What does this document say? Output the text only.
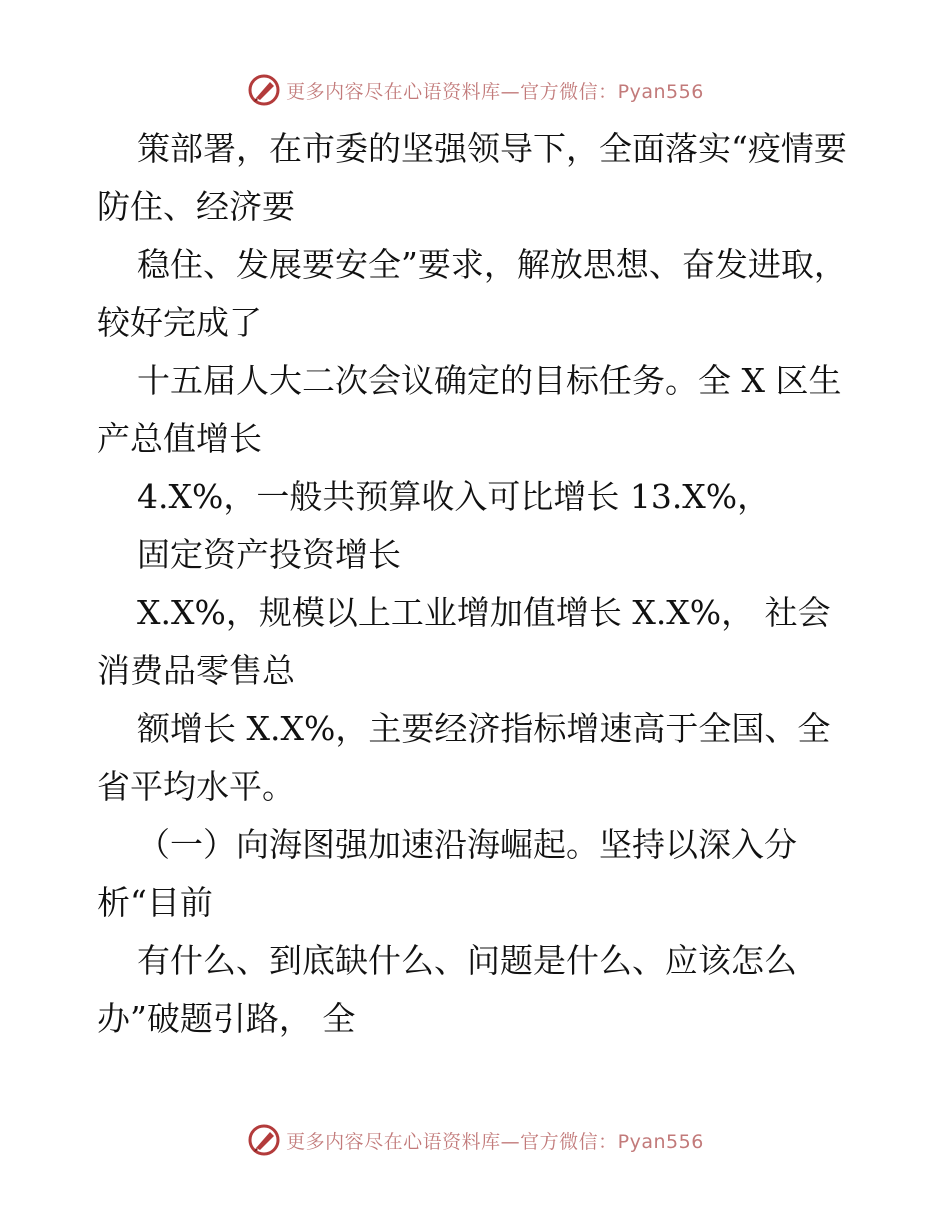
更多内容尽在心语资料库—官方微信：Pyan556

策部署，在市委的坚强领导下，全面落实“疫情要 防住、经济要

稳住、发展要安全”要求，解放思想、奋发进取，较好完成了

十五届人大二次会议确定的目标任务。全 X 区生产总值增长

4.X%，一般共预算收入可比增长 13.X%，

固定资产投资增长

X.X%，规模以上工业增加值增长 X.X%， 社会消费品零售总

额增长 X.X%，主要经济指标增速高于全国、全省平均水平。

（一）向海图强加速沿海崛起。坚持以深入分析“目前

有什么、到底缺什么、问题是什么、应该怎么办”破题引路， 全

更多内容尽在心语资料库—官方微信：Pyan556
